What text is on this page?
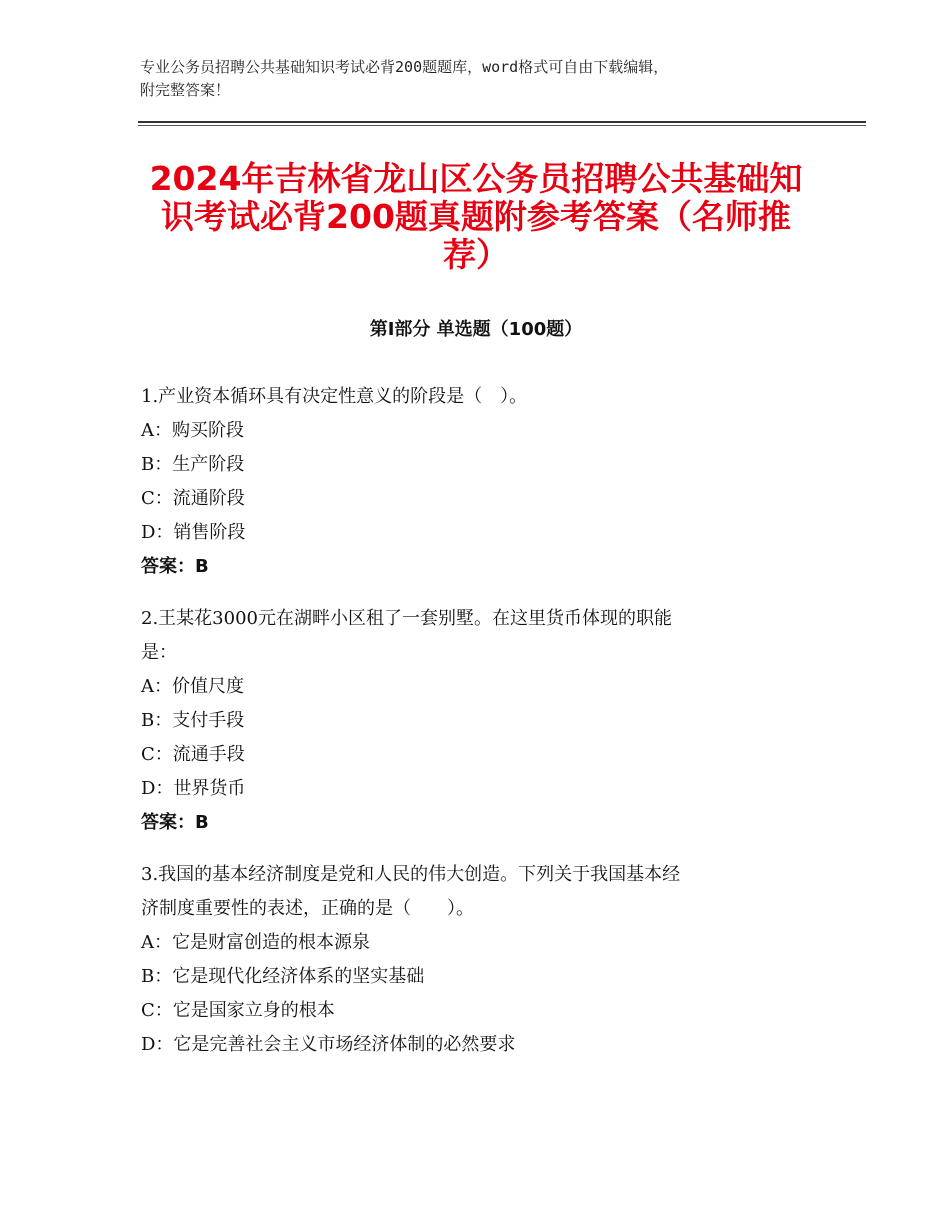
专业公务员招聘公共基础知识考试必背200题题库，word格式可自由下载编辑，
附完整答案！
2024年吉林省龙山区公务员招聘公共基础知识考试必背200题真题附参考答案（名师推荐）
第Ⅰ部分 单选题（100题）
1.产业资本循环具有决定性意义的阶段是（　）。
A：购买阶段
B：生产阶段
C：流通阶段
D：销售阶段
答案：B
2.王某花3000元在湖畔小区租了一套别墅。在这里货币体现的职能
是：
A：价值尺度
B：支付手段
C：流通手段
D：世界货币
答案：B
3.我国的基本经济制度是党和人民的伟大创造。下列关于我国基本经
济制度重要性的表述，正确的是（　　）。
A：它是财富创造的根本源泉
B：它是现代化经济体系的坚实基础
C：它是国家立身的根本
D：它是完善社会主义市场经济体制的必然要求
